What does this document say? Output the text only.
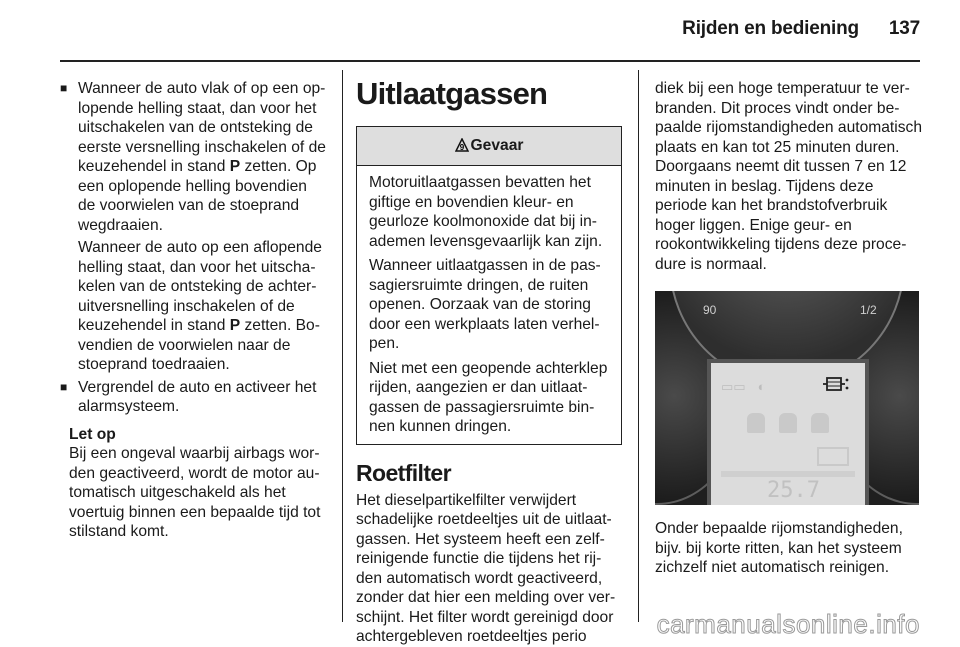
Rijden en bediening 137
■ Wanneer de auto vlak of op een oplopende helling staat, dan voor het uitschakelen van de ontsteking de eerste versnelling inschakelen of de keuzehendel in stand P zetten. Op een oplopende helling bovendien de voorwielen van de stoeprand wegdraaien.

Wanneer de auto op een aflopende helling staat, dan voor het uitschakelen van de ontsteking de achteruitversnelling inschakelen of de keuzehendel in stand P zetten. Bovendien de voorwielen naar de stoeprand toedraaien.

■ Vergrendel de auto en activeer het alarmsysteem.

Let op

Bij een ongeval waarbij airbags worden geactiveerd, wordt de motor automatisch uitgeschakeld als het voertuig binnen een bepaalde tijd tot stilstand komt.

Uitlaatgassen
9 Gevaar

Motoruitlaatgassen bevatten het giftige en bovendien kleur- en geurloze koolmonoxide dat bij inademen levensgevaarlijk kan zijn.

Wanneer uitlaatgassen in de passagiersruimte dringen, de ruiten openen. Oorzaak van de storing door een werkplaats laten verhelpen.

Niet met een geopende achterklep rijden, aangezien er dan uitlaatgassen de passagiersruimte binnen kunnen dringen.

Roetfilter

Het dieselpartikelfilter verwijdert schadelijke roetdeeltjes uit de uitlaatgassen. Het systeem heeft een zelfreinigende functie die tijdens het rijden automatisch wordt geactiveerd, zonder dat hier een melding over verschijnt. Het filter wordt gereinigd door achtergebleven roetdeeltjes perio

diek bij een hoge temperatuur te verbranden. Dit proces vindt onder bepaalde rijomstandigheden automatisch plaats en kan tot 25 minuten duren. Doorgaans neemt dit tussen 7 en 12 minuten in beslag. Tijdens deze periode kan het brandstofverbruik hoger liggen. Enige geur- en rookontwikkeling tijdens deze procedure is normaal.

90	1/2
▭▭ ◐
25.7

Onder bepaalde rijomstandigheden, bijv. bij korte ritten, kan het systeem zichzelf niet automatisch reinigen.

carmanualsonline.info
